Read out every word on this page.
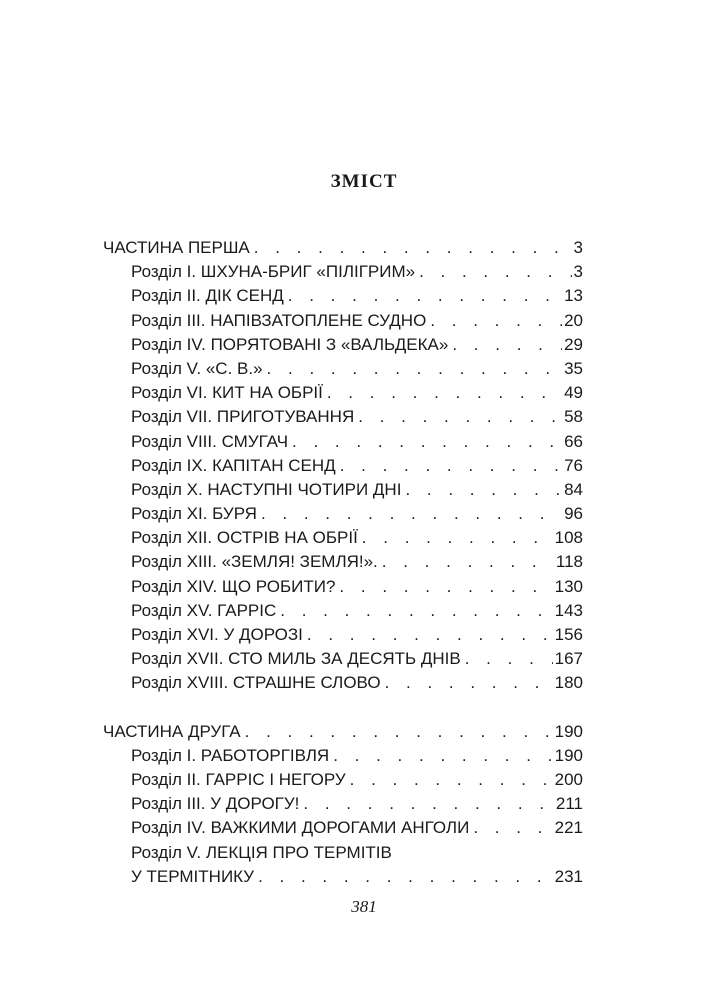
ЗМІСТ
ЧАСТИНА ПЕРША . . .	3
Розділ І. ШХУНА-БРИГ «ПІЛІГРИМ» . . .	3
Розділ ІІ. ДІК СЕНД . . .	13
Розділ ІІІ. НАПІВЗАТОПЛЕНЕ СУДНО . . .	20
Розділ IV. ПОРЯТОВАНІ З «ВАЛЬДЕКА» . . .	29
Розділ V. «С. В.» . . .	35
Розділ VI. КИТ НА ОБРІЇ . . .	49
Розділ VII. ПРИГОТУВАННЯ . . .	58
Розділ VIII. СМУГАЧ . . .	66
Розділ ІХ. КАПІТАН СЕНД . . .	76
Розділ Х. НАСТУПНІ ЧОТИРИ ДНІ . . .	84
Розділ ХІ. БУРЯ . . .	96
Розділ ХІІ. ОСТРІВ НА ОБРІЇ . . .	108
Розділ ХІІІ. «ЗЕМЛЯ! ЗЕМЛЯ!». . . .	118
Розділ XIV. ЩО РОБИТИ? . . .	130
Розділ XV. ГАРРІС . . .	143
Розділ XVI. У ДОРОЗІ . . .	156
Розділ XVII. СТО МИЛЬ ЗА ДЕСЯТЬ ДНІВ . . .	167
Розділ XVIII. СТРАШНЕ СЛОВО . . .	180
ЧАСТИНА ДРУГА . . .	190
Розділ І. РАБОТОРГІВЛЯ . . .	190
Розділ ІІ. ГАРРІС І НЕГОРУ . . .	200
Розділ ІІІ. У ДОРОГУ! . . .	211
Розділ IV. ВАЖКИМИ ДОРОГАМИ АНГОЛИ . . .	221
Розділ V. ЛЕКЦІЯ ПРО ТЕРМІТІВ
У ТЕРМІТНИКУ . . .	231
381
